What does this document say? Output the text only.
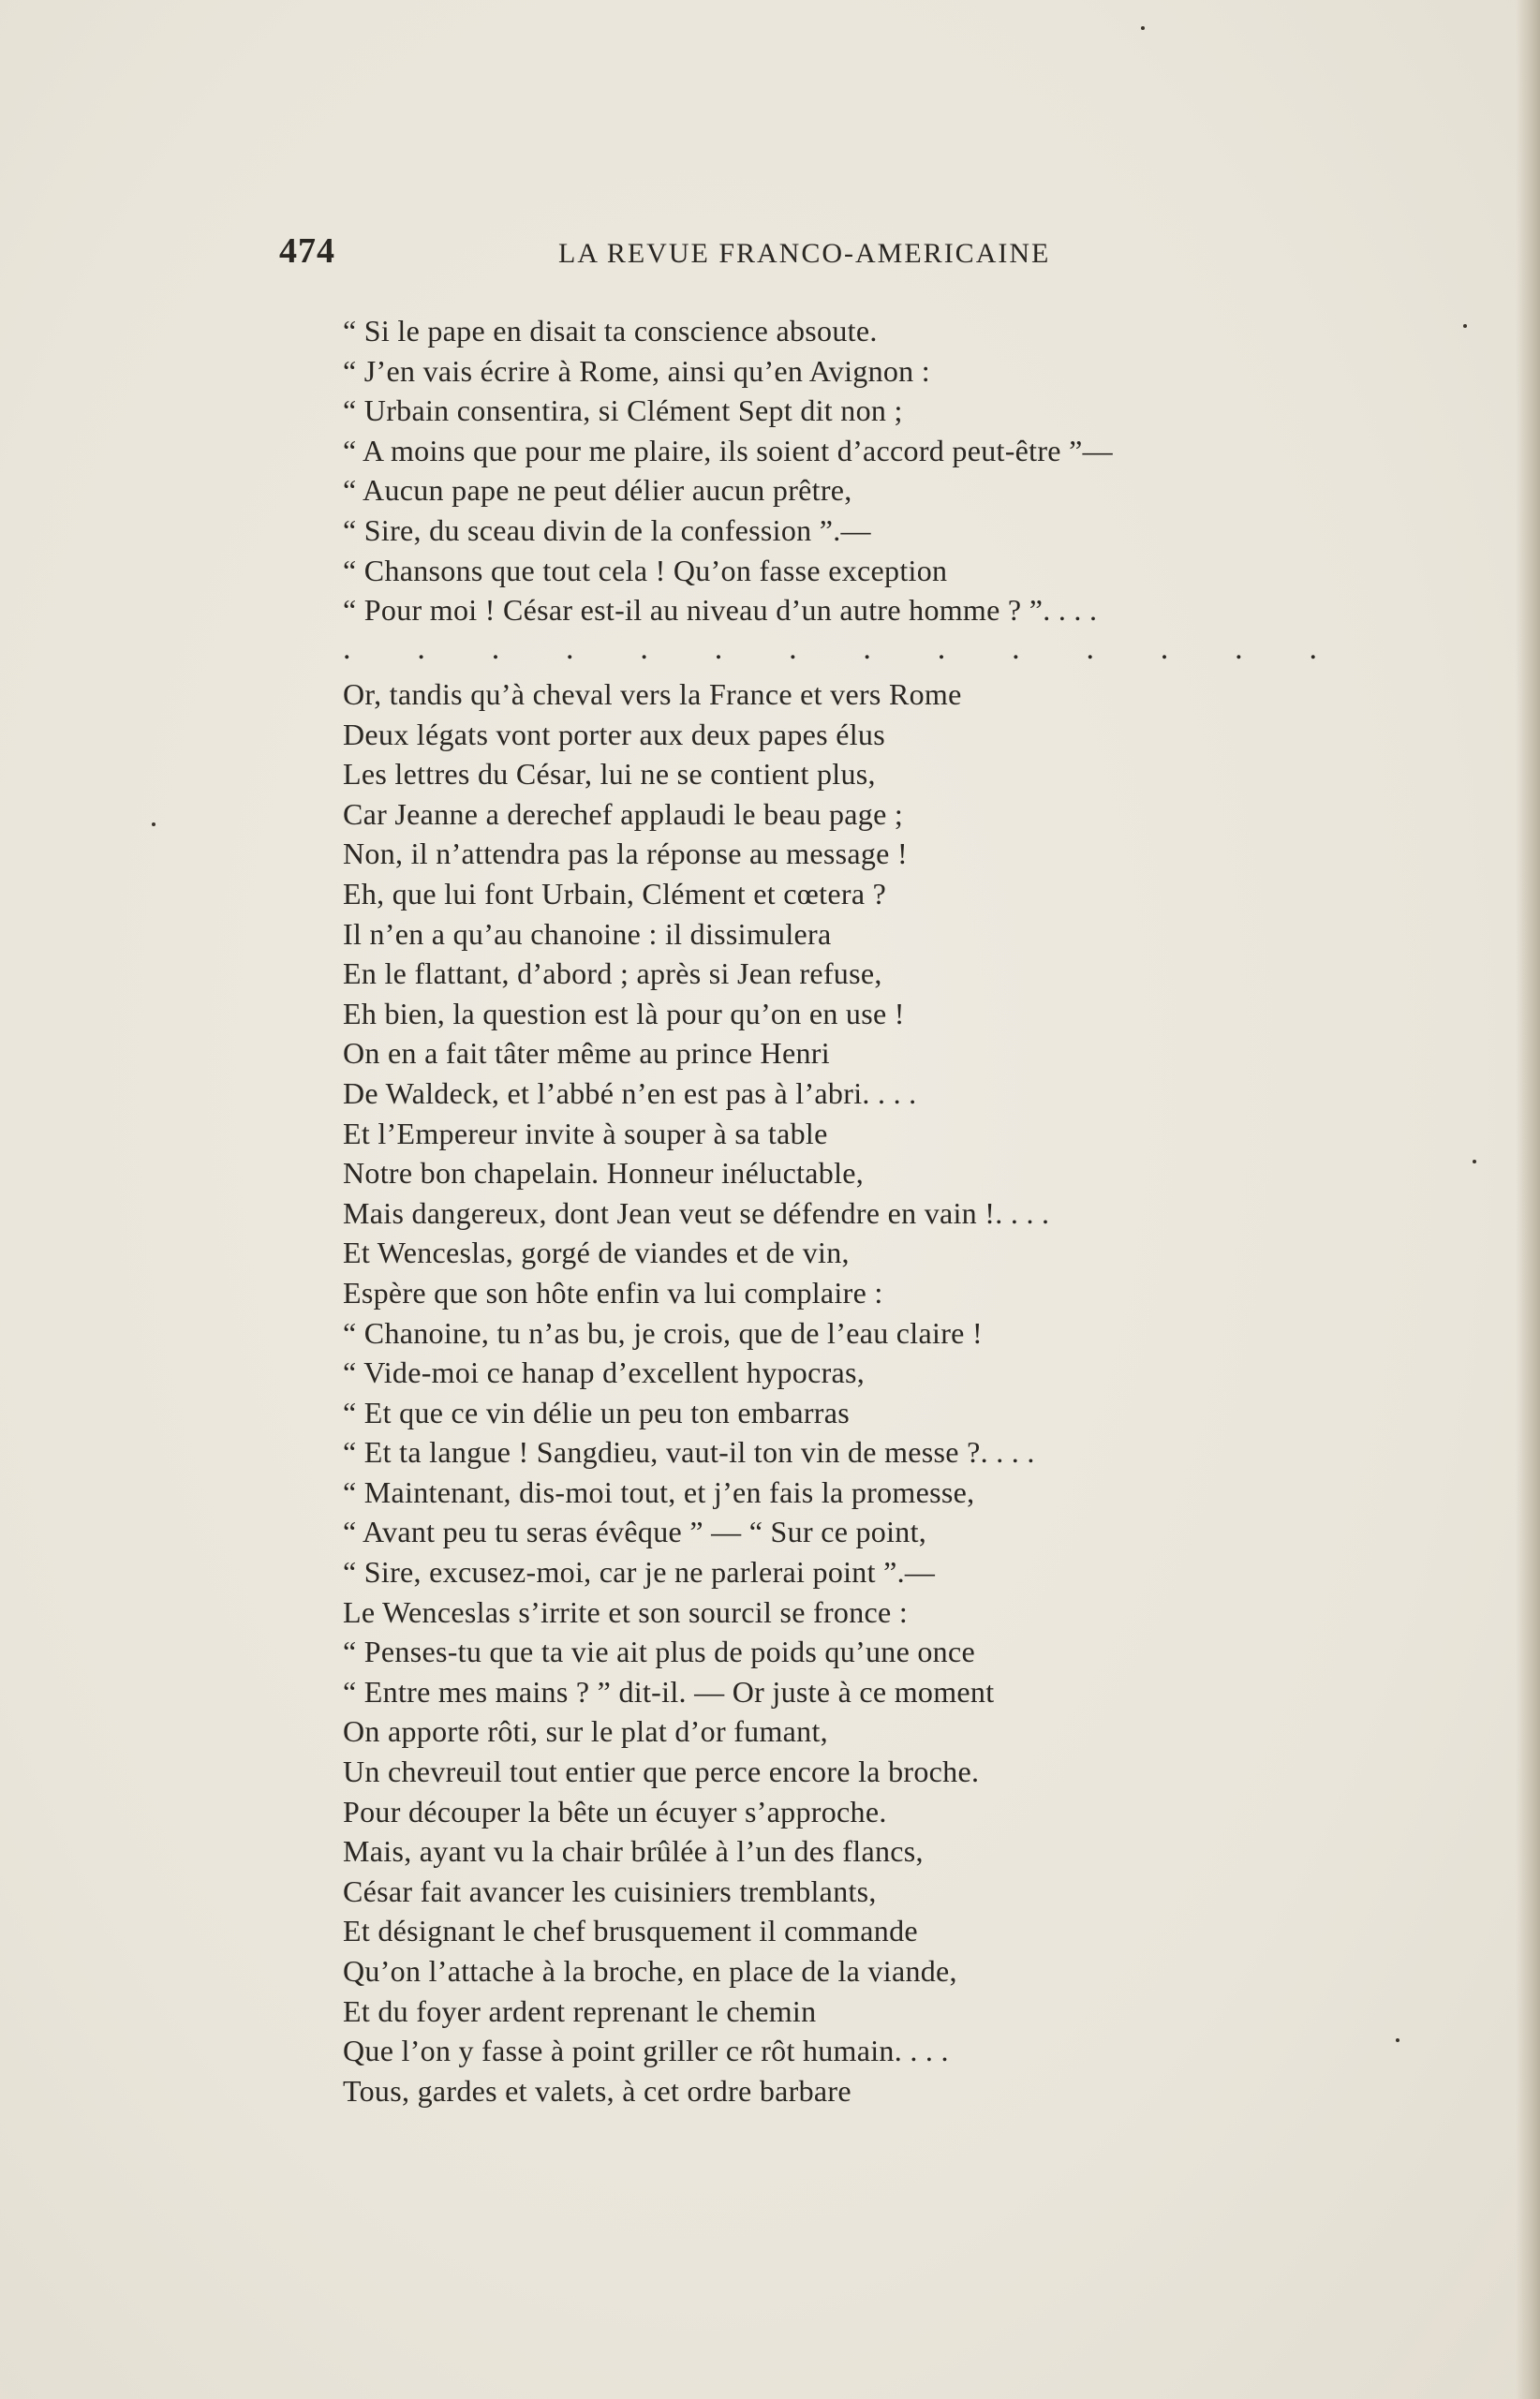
474	LA REVUE FRANCO-AMERICAINE
“ Si le pape en disait ta conscience absoute.
“ J’en vais écrire à Rome, ainsi qu’en Avignon :
“ Urbain consentira, si Clément Sept dit non ;
“ A moins que pour me plaire, ils soient d’accord peut-être ”—
“ Aucun pape ne peut délier aucun prêtre,
“ Sire, du sceau divin de la confession ”.—
“ Chansons que tout cela ! Qu’on fasse exception
“ Pour moi ! César est-il au niveau d’un autre homme ? ”. . . .
. . . . . . . . . . . . . .
Or, tandis qu’à cheval vers la France et vers Rome
Deux légats vont porter aux deux papes élus
Les lettres du César, lui ne se contient plus,
Car Jeanne a derechef applaudi le beau page ;
Non, il n’attendra pas la réponse au message !
Eh, que lui font Urbain, Clément et cœtera ?
Il n’en a qu’au chanoine : il dissimulera
En le flattant, d’abord ; après si Jean refuse,
Eh bien, la question est là pour qu’on en use !
On en a fait tâter même au prince Henri
De Waldeck, et l’abbé n’en est pas à l’abri. . . .
Et l’Empereur invite à souper à sa table
Notre bon chapelain. Honneur inéluctable,
Mais dangereux, dont Jean veut se défendre en vain !. . . .
Et Wenceslas, gorgé de viandes et de vin,
Espère que son hôte enfin va lui complaire :
“ Chanoine, tu n’as bu, je crois, que de l’eau claire !
“ Vide-moi ce hanap d’excellent hypocras,
“ Et que ce vin délie un peu ton embarras
“ Et ta langue ! Sangdieu, vaut-il ton vin de messe ?. . . .
“ Maintenant, dis-moi tout, et j’en fais la promesse,
“ Avant peu tu seras évêque ” — “ Sur ce point,
“ Sire, excusez-moi, car je ne parlerai point ”.—
Le Wenceslas s’irrite et son sourcil se fronce :
“ Penses-tu que ta vie ait plus de poids qu’une once
“ Entre mes mains ? ” dit-il. — Or juste à ce moment
On apporte rôti, sur le plat d’or fumant,
Un chevreuil tout entier que perce encore la broche.
Pour découper la bête un écuyer s’approche.
Mais, ayant vu la chair brûlée à l’un des flancs,
César fait avancer les cuisiniers tremblants,
Et désignant le chef brusquement il commande
Qu’on l’attache à la broche, en place de la viande,
Et du foyer ardent reprenant le chemin
Que l’on y fasse à point griller ce rôt humain. . . .
Tous, gardes et valets, à cet ordre barbare
